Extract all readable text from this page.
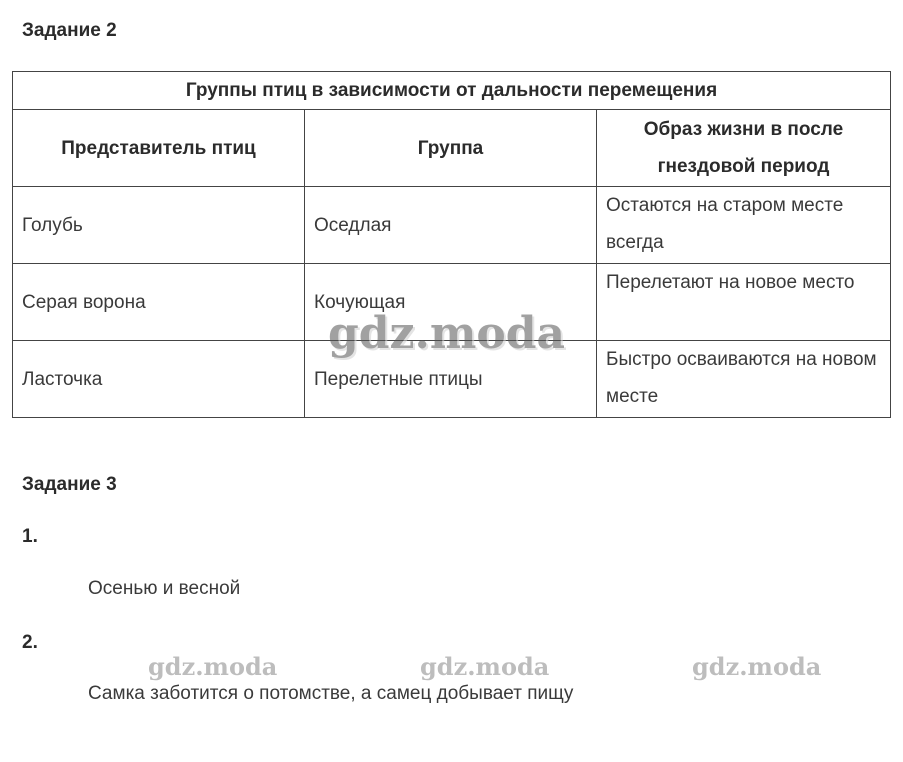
Задание 2
Группы птиц в зависимости от дальности перемещения		
Представитель птиц	Группа	Образ жизни в после гнездовой период
Голубь	Оседлая	Остаются на старом месте всегда
Серая ворона	Кочующая	Перелетают на новое место
Ласточка	Перелетные птицы	Быстро осваиваются на новом месте
gdz.moda
Задание 3
1.
Осенью и весной
2.
gdz.moda	gdz.moda	gdz.moda
Самка заботится о потомстве, а самец добывает пищу
